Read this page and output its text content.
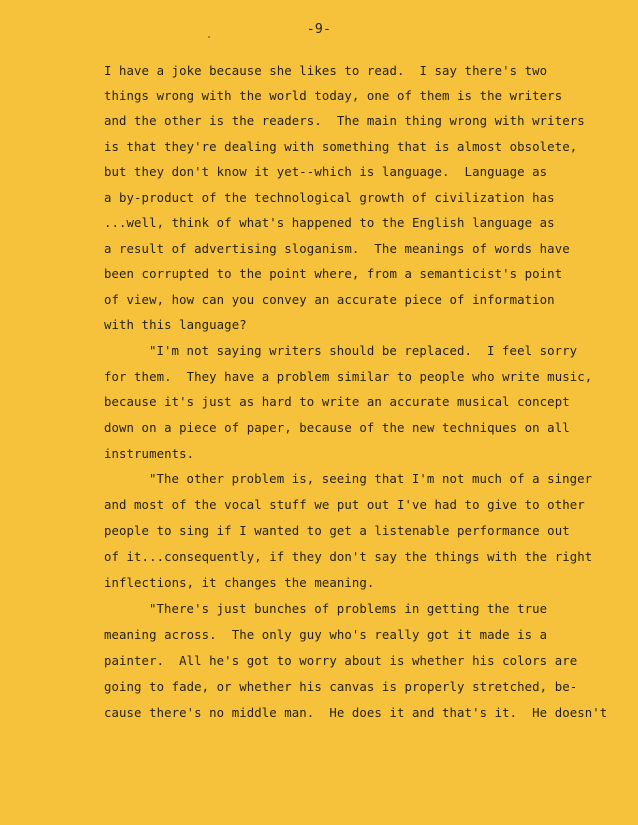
-9-
I have a joke because she likes to read.  I say there's two
things wrong with the world today, one of them is the writers
and the other is the readers.  The main thing wrong with writers
is that they're dealing with something that is almost obsolete,
but they don't know it yet--which is language.  Language as
a by-product of the technological growth of civilization has
...well, think of what's happened to the English language as
a result of advertising sloganism.  The meanings of words have
been corrupted to the point where, from a semanticist's point
of view, how can you convey an accurate piece of information
with this language?
"I'm not saying writers should be replaced.  I feel sorry
for them.  They have a problem similar to people who write music,
because it's just as hard to write an accurate musical concept
down on a piece of paper, because of the new techniques on all
instruments.
"The other problem is, seeing that I'm not much of a singer
and most of the vocal stuff we put out I've had to give to other
people to sing if I wanted to get a listenable performance out
of it...consequently, if they don't say the things with the right
inflections, it changes the meaning.
"There's just bunches of problems in getting the true
meaning across.  The only guy who's really got it made is a
painter.  All he's got to worry about is whether his colors are
going to fade, or whether his canvas is properly stretched, be-
cause there's no middle man.  He does it and that's it.  He doesn't
